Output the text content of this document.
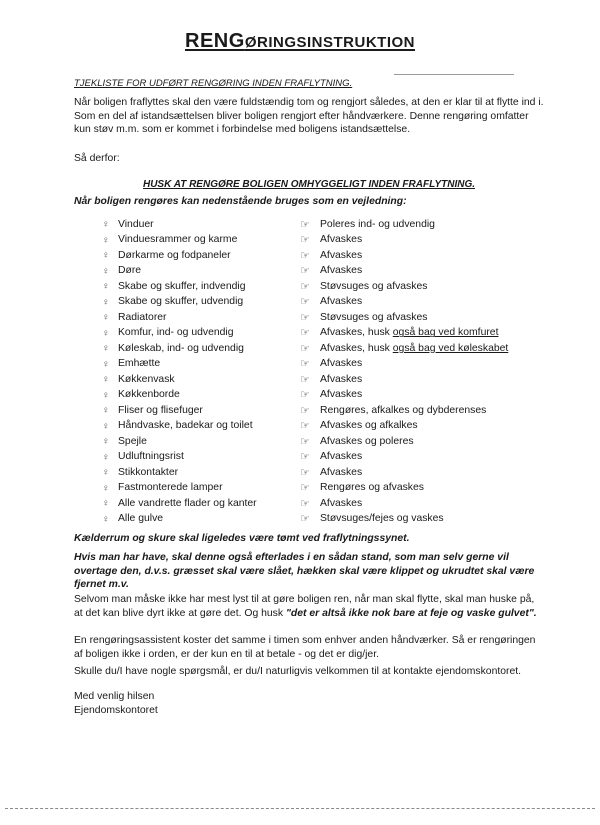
RENGØRINGSINSTRUKTION
TJEKLISTE FOR UDFØRT RENGØRING INDEN FRAFLYTNING.

Når boligen fraflyttes skal den være fuldstændig tom og rengjort således, at den er klar til at flytte ind i.

Som en del af istandsættelsen bliver boligen rengjort efter håndværkere. Denne rengøring omfatter kun støv m.m. som er kommet i forbindelse med boligens istandsættelse.

Så derfor:
HUSK AT RENGØRE BOLIGEN OMHYGGELIGT INDEN FRAFLYTNING.
Når boligen rengøres kan nedenstående bruges som en vejledning:
♀ Vinduer	☞ Poleres ind- og udvendig
♀ Vinduesrammer og karme	☞ Afvaskes
♀ Dørkarme og fodpaneler	☞ Afvaskes
♀ Døre	☞ Afvaskes
♀ Skabe og skuffer, indvendig	☞ Støvsuges og afvaskes
♀ Skabe og skuffer, udvendig	☞ Afvaskes
♀ Radiatorer	☞ Støvsuges og afvaskes
♀ Komfur, ind- og udvendig	☞ Afvaskes, husk også bag ved komfuret
♀ Køleskab, ind- og udvendig	☞ Afvaskes, husk også bag ved køleskabet
♀ Emhætte	☞ Afvaskes
♀ Køkkenvask	☞ Afvaskes
♀ Køkkenborde	☞ Afvaskes
♀ Fliser og flisefuger	☞ Rengøres, afkalkes og dybderenses
♀ Håndvaske, badekar og toilet	☞ Afvaskes og afkalkes
♀ Spejle	☞ Afvaskes og poleres
♀ Udluftningsrist	☞ Afvaskes
♀ Stikkontakter	☞ Afvaskes
♀ Fastmonterede lamper	☞ Rengøres og afvaskes
♀ Alle vandrette flader og kanter	☞ Afvaskes
♀ Alle gulve	☞ Støvsuges/fejes og vaskes
Kælderrum og skure skal ligeledes være tømt ved fraflytningssynet.
Hvis man har have, skal denne også efterlades i en sådan stand, som man selv gerne vil overtage den, d.v.s. græsset skal være slået, hækken skal være klippet og ukrudtet skal være fjernet m.v.
Selvom man måske ikke har mest lyst til at gøre boligen ren, når man skal flytte, skal man huske på, at det kan blive dyrt ikke at gøre det. Og husk "det er altså ikke nok bare at feje og vaske gulvet".
En rengøringsassistent koster det samme i timen som enhver anden håndværker. Så er rengøringen af boligen ikke i orden, er der kun en til at betale - og det er dig/jer.
Skulle du/I have nogle spørgsmål, er du/I naturligvis velkommen til at kontakte ejendomskontoret.
Med venlig hilsen
Ejendomskontoret
